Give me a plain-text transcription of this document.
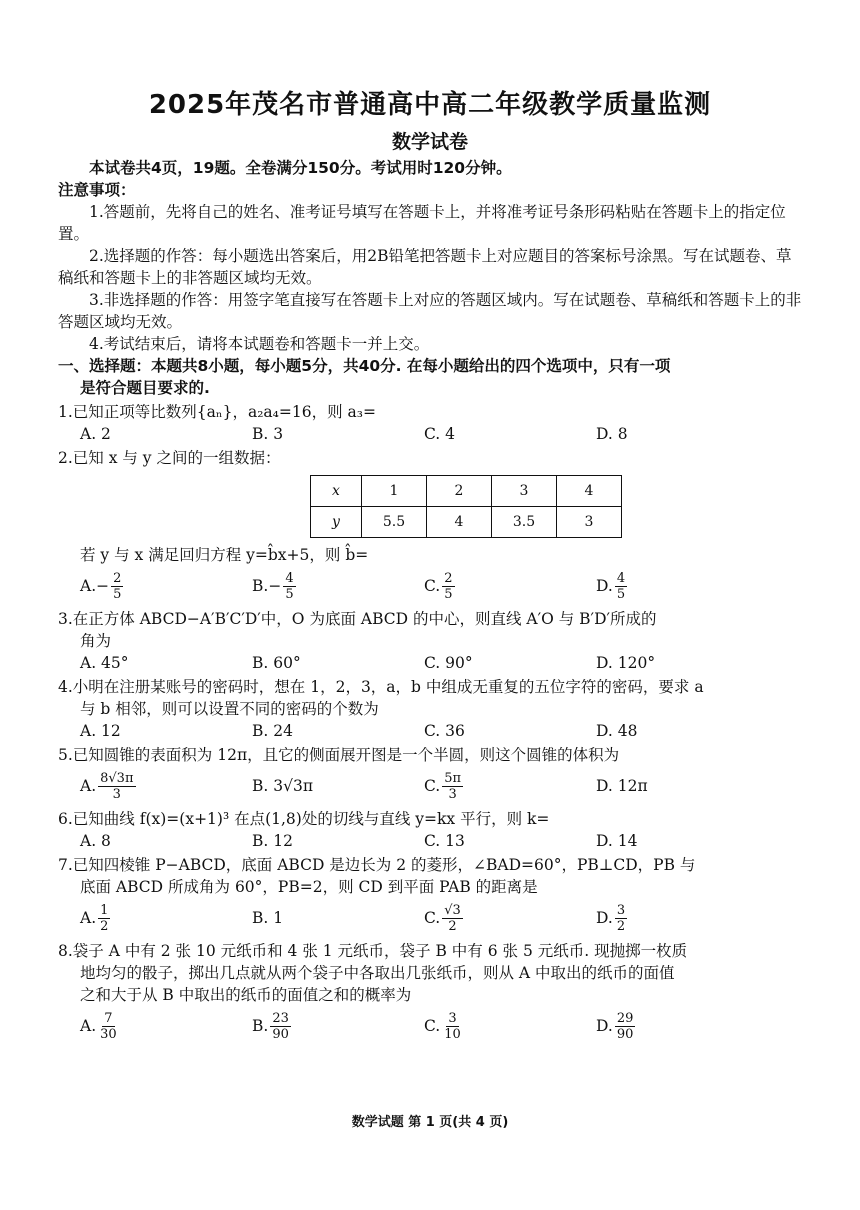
2025年茂名市普通高中高二年级教学质量监测
数学试卷

本试卷共4页，19题。全卷满分150分。考试用时120分钟。

注意事项：

1.答题前，先将自己的姓名、准考证号填写在答题卡上，并将准考证号条形码粘贴在答题卡上的指定位置。

2.选择题的作答：每小题选出答案后，用2B铅笔把答题卡上对应题目的答案标号涂黑。写在试题卷、草稿纸和答题卡上的非答题区域均无效。

3.非选择题的作答：用签字笔直接写在答题卡上对应的答题区域内。写在试题卷、草稿纸和答题卡上的非答题区域均无效。

4.考试结束后，请将本试题卷和答题卡一并上交。

一、选择题：本题共8小题，每小题5分，共40分. 在每小题给出的四个选项中，只有一项

是符合题目要求的.

1.已知正项等比数列{aₙ}，a₂a₄=16，则 a₃=

A. 2	B. 3	C. 4	D. 8

2.已知 x 与 y 之间的一组数据：

x	1	2	3	4
y	5.5	4	3.5	3

若 y 与 x 满足回归方程 y=b̂x+5，则 b̂=

A. − $\frac{2}{5}$	B. − $\frac{4}{5}$	C. $\frac{2}{5}$	D. $\frac{4}{5}$

3.在正方体 ABCD−A′B′C′D′中，O 为底面 ABCD 的中心，则直线 A′O 与 B′D′所成的

角为

A. 45°	B. 60°	C. 90°	D. 120°

4.小明在注册某账号的密码时，想在 1，2，3，a，b 中组成无重复的五位字符的密码，要求 a

与 b 相邻，则可以设置不同的密码的个数为

A. 12	B. 24	C. 36	D. 48

5.已知圆锥的表面积为 12π，且它的侧面展开图是一个半圆，则这个圆锥的体积为

A. $\frac{8√3\pi}{3}$	B. 3√3π	C. $\frac{5\pi}{3}$	D. 12π

6.已知曲线 f(x)=(x+1)³ 在点(1,8)处的切线与直线 y=kx 平行，则 k=

A. 8	B. 12	C. 13	D. 14

7.已知四棱锥 P−ABCD，底面 ABCD 是边长为 2 的菱形，∠BAD=60°，PB⊥CD，PB 与

底面 ABCD 所成角为 60°，PB=2，则 CD 到平面 PAB 的距离是

A. $\frac{1}{2}$	B. 1	C. $\frac{√3}{2}$	D. $\frac{3}{2}$

8.袋子 A 中有 2 张 10 元纸币和 4 张 1 元纸币，袋子 B 中有 6 张 5 元纸币. 现抛掷一枚质

地均匀的骰子，掷出几点就从两个袋子中各取出几张纸币，则从 A 中取出的纸币的面值

之和大于从 B 中取出的纸币的面值之和的概率为

A. $\frac{7}{30}$	B. $\frac{23}{90}$	C. $\frac{3}{10}$	D. $\frac{29}{90}$
数学试题 第 1 页(共 4 页)
